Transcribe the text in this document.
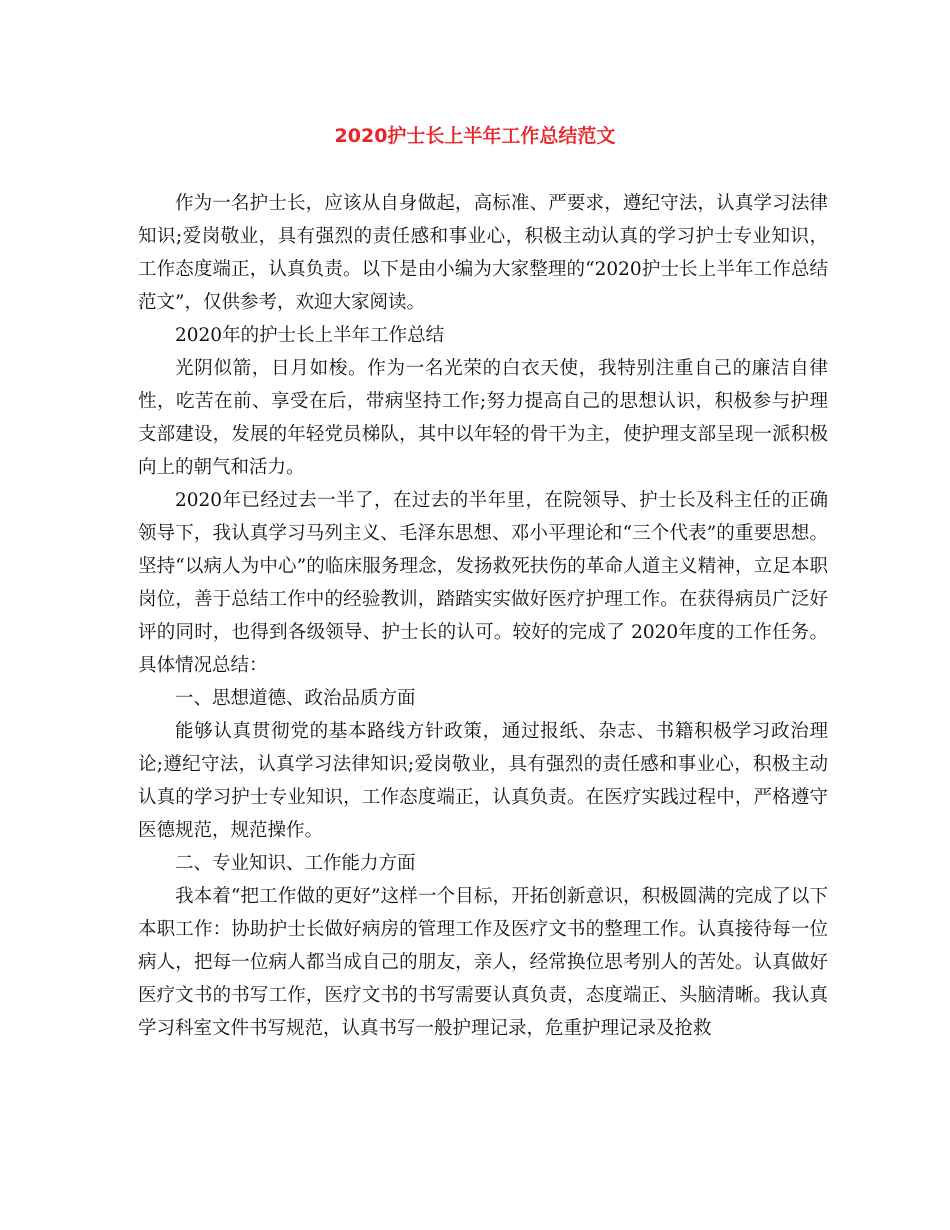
2020护士长上半年工作总结范文

作为一名护士长，应该从自身做起，高标准、严要求，遵纪守法，认真学习法律知识;爱岗敬业，具有强烈的责任感和事业心，积极主动认真的学习护士专业知识，工作态度端正，认真负责。以下是由小编为大家整理的“2020护士长上半年工作总结范文”，仅供参考，欢迎大家阅读。

2020年的护士长上半年工作总结

光阴似箭，日月如梭。作为一名光荣的白衣天使，我特别注重自己的廉洁自律性，吃苦在前、享受在后，带病坚持工作;努力提高自己的思想认识，积极参与护理支部建设，发展的年轻党员梯队，其中以年轻的骨干为主，使护理支部呈现一派积极向上的朝气和活力。

2020年已经过去一半了，在过去的半年里，在院领导、护士长及科主任的正确领导下，我认真学习马列主义、毛泽东思想、邓小平理论和“三个代表”的重要思想。坚持“以病人为中心”的临床服务理念，发扬救死扶伤的革命人道主义精神，立足本职岗位，善于总结工作中的经验教训，踏踏实实做好医疗护理工作。在获得病员广泛好评的同时，也得到各级领导、护士长的认可。较好的完成了 2020年度的工作任务。具体情况总结：

一、思想道德、政治品质方面

能够认真贯彻党的基本路线方针政策，通过报纸、杂志、书籍积极学习政治理论;遵纪守法，认真学习法律知识;爱岗敬业，具有强烈的责任感和事业心，积极主动认真的学习护士专业知识，工作态度端正，认真负责。在医疗实践过程中，严格遵守医德规范，规范操作。

二、专业知识、工作能力方面

我本着“把工作做的更好”这样一个目标，开拓创新意识，积极圆满的完成了以下本职工作：协助护士长做好病房的管理工作及医疗文书的整理工作。认真接待每一位病人，把每一位病人都当成自己的朋友，亲人，经常换位思考别人的苦处。认真做好医疗文书的书写工作，医疗文书的书写需要认真负责，态度端正、头脑清晰。我认真学习科室文件书写规范，认真书写一般护理记录，危重护理记录及抢救
